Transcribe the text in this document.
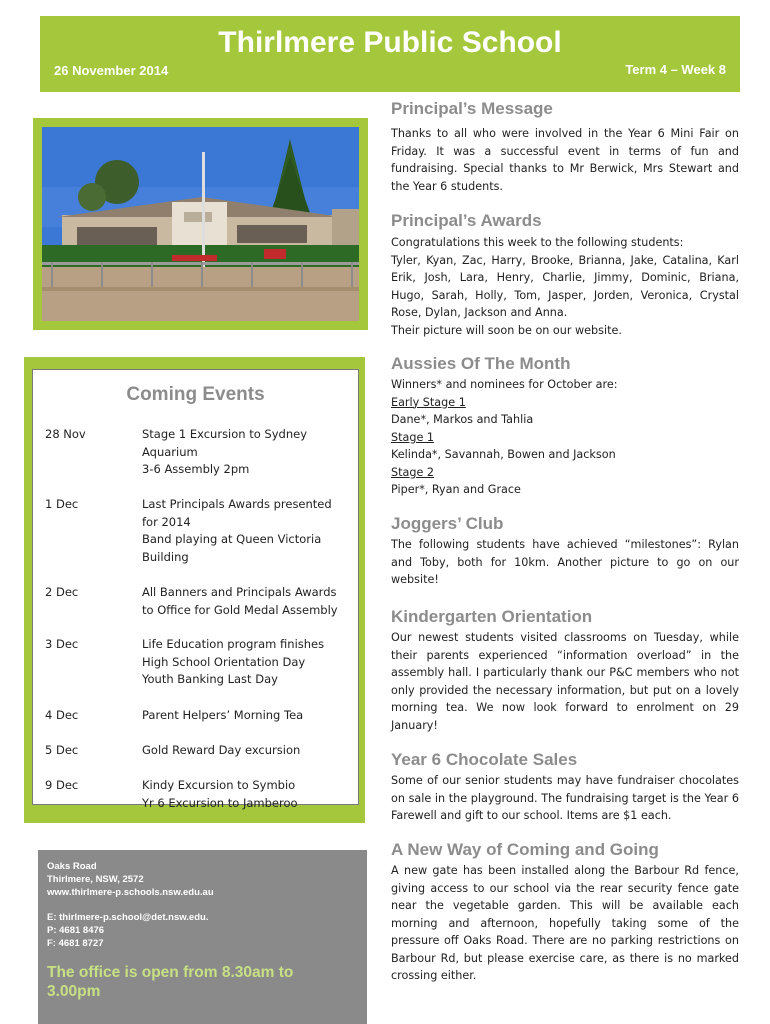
Thirlmere Public School
26 November 2014	Term 4 – Week 8
Coming Events
28 Nov	Stage 1 Excursion to Sydney
Aquarium
3-6 Assembly 2pm
1 Dec	Last Principals Awards presented
for 2014
Band playing at Queen Victoria
Building
2 Dec	All Banners and Principals Awards
to Office for Gold Medal Assembly
3 Dec	Life Education program finishes
High School Orientation Day
Youth Banking Last Day
4 Dec	Parent Helpers’ Morning Tea
5 Dec	Gold Reward Day excursion
9 Dec	Kindy Excursion to Symbio
Yr 6 Excursion to Jamberoo
Oaks Road
Thirlmere, NSW, 2572
www.thirlmere-p.schools.nsw.edu.au
E: thirlmere-p.school@det.nsw.edu.
P: 4681 8476
F: 4681 8727
The office is open from 8.30am to 3.00pm
Principal’s Message

Thanks to all who were involved in the Year 6 Mini Fair on Friday. It was a successful event in terms of fun and fundraising. Special thanks to Mr Berwick, Mrs Stewart and the Year 6 students.

Principal’s Awards

Congratulations this week to the following students:

Tyler, Kyan, Zac, Harry, Brooke, Brianna, Jake, Catalina, Karl Erik, Josh, Lara, Henry, Charlie, Jimmy, Dominic, Briana, Hugo, Sarah, Holly, Tom, Jasper, Jorden, Veronica, Crystal Rose, Dylan, Jackson and Anna.

Their picture will soon be on our website.

Aussies Of The Month

Winners* and nominees for October are:
Early Stage 1
Dane*, Markos and Tahlia
Stage 1
Kelinda*, Savannah, Bowen and Jackson
Stage 2
Piper*, Ryan and Grace

Joggers’ Club

The following students have achieved “milestones”: Rylan and Toby, both for 10km. Another picture to go on our website!

Kindergarten Orientation

Our newest students visited classrooms on Tuesday, while their parents experienced “information overload” in the assembly hall. I particularly thank our P&C members who not only provided the necessary information, but put on a lovely morning tea. We now look forward to enrolment on 29 January!

Year 6 Chocolate Sales

Some of our senior students may have fundraiser chocolates on sale in the playground. The fundraising target is the Year 6 Farewell and gift to our school. Items are $1 each.

A New Way of Coming and Going

A new gate has been installed along the Barbour Rd fence, giving access to our school via the rear security fence gate near the vegetable garden. This will be available each morning and afternoon, hopefully taking some of the pressure off Oaks Road. There are no parking restrictions on Barbour Rd, but please exercise care, as there is no marked crossing either.
